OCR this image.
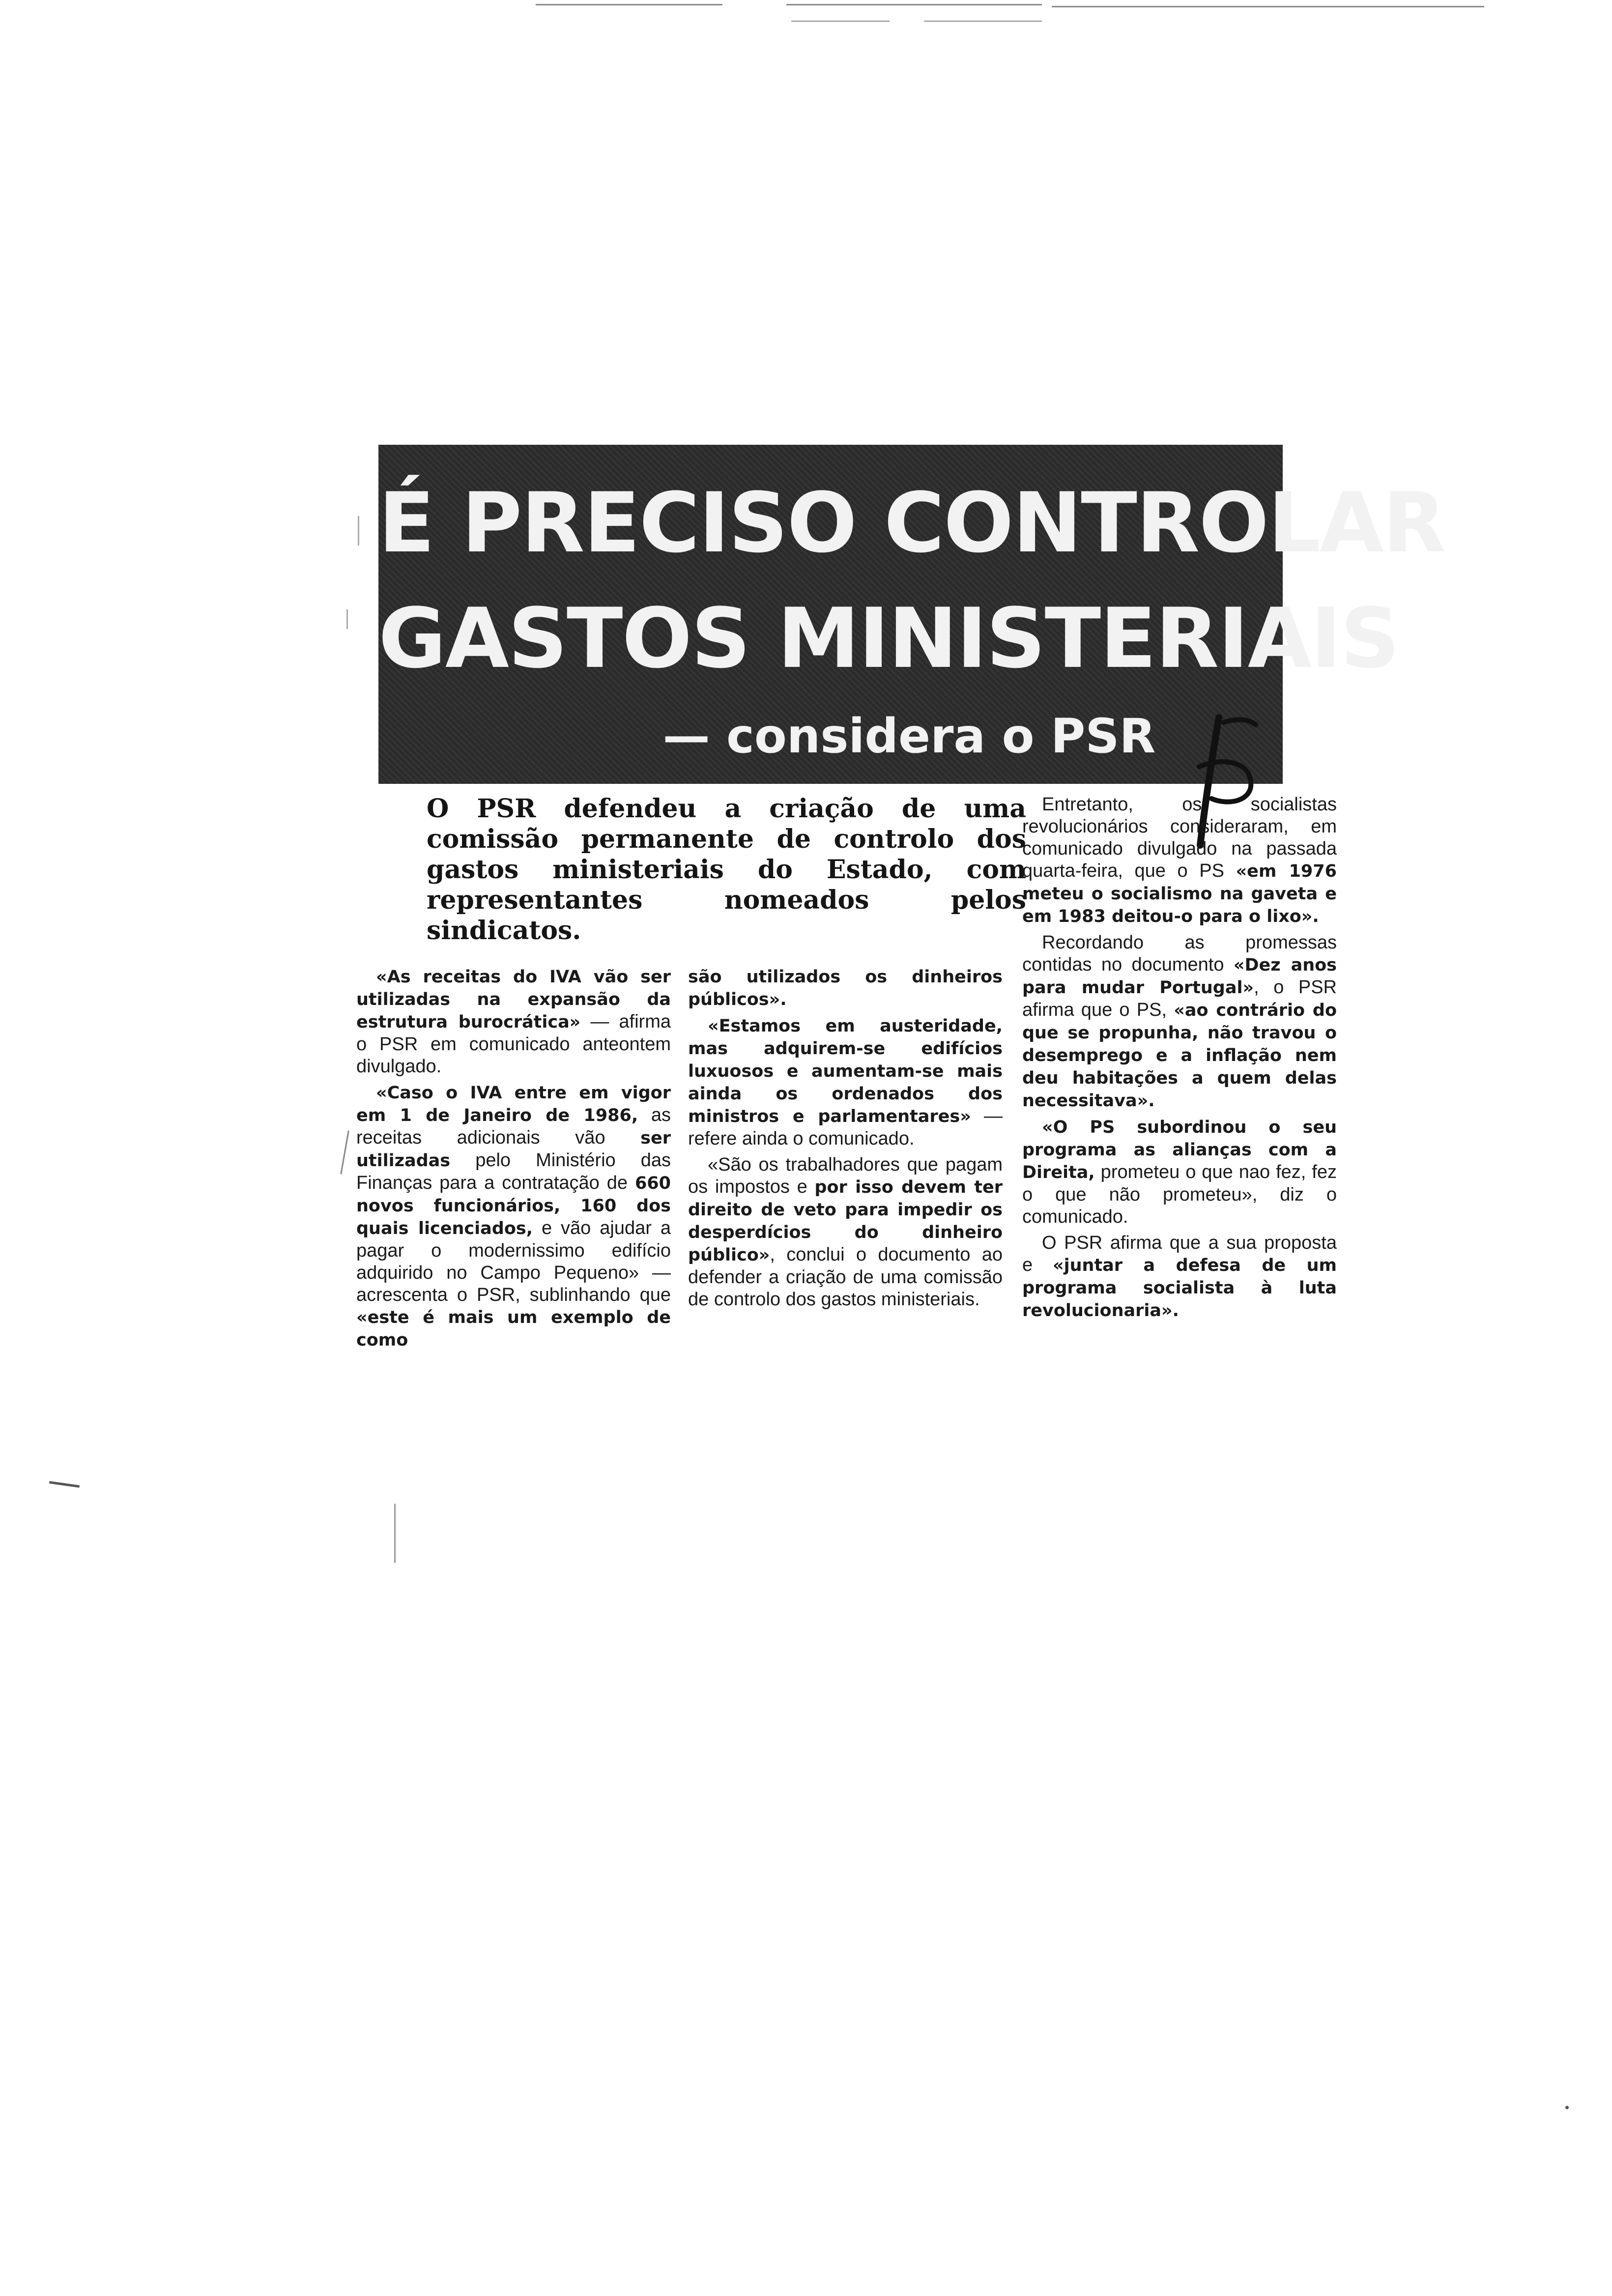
É PRECISO CONTROLAR
GASTOS MINISTERIAIS
— considera o PSR
O PSR defendeu a criação de uma comissão permanente de controlo dos gastos ministeriais do Estado, com representantes nomeados pelos sindicatos.

«As receitas do IVA vão ser utilizadas na expansão da estrutura burocrática» — afirma o PSR em comunicado anteontem divulgado.

«Caso o IVA entre em vigor em 1 de Janeiro de 1986, as receitas adicionais vão ser utilizadas pelo Ministério das Finanças para a contratação de 660 novos funcionários, 160 dos quais licenciados, e vão ajudar a pagar o modernissimo edifício adquirido no Campo Pequeno» — acrescenta o PSR, sublinhando que «este é mais um exemplo de como

são utilizados os dinheiros públicos».

«Estamos em austeridade, mas adquirem-se edifícios luxuosos e aumentam-se mais ainda os ordenados dos ministros e parlamentares» — refere ainda o comunicado.

«São os trabalhadores que pagam os impostos e por isso devem ter direito de veto para impedir os desperdícios do dinheiro público», conclui o documento ao defender a criação de uma comissão de controlo dos gastos ministeriais.

Entretanto, os socialistas revolucionários consideraram, em comunicado divulgado na passada quarta-feira, que o PS «em 1976 meteu o socialismo na gaveta e em 1983 deitou-o para o lixo».

Recordando as promessas contidas no documento «Dez anos para mudar Portugal», o PSR afirma que o PS, «ao contrário do que se propunha, não travou o desemprego e a inflação nem deu habitações a quem delas necessitava».

«O PS subordinou o seu programa as alianças com a Direita, prometeu o que nao fez, fez o que não prometeu», diz o comunicado.

O PSR afirma que a sua proposta e «juntar a defesa de um programa socialista à luta revolucionaria».
